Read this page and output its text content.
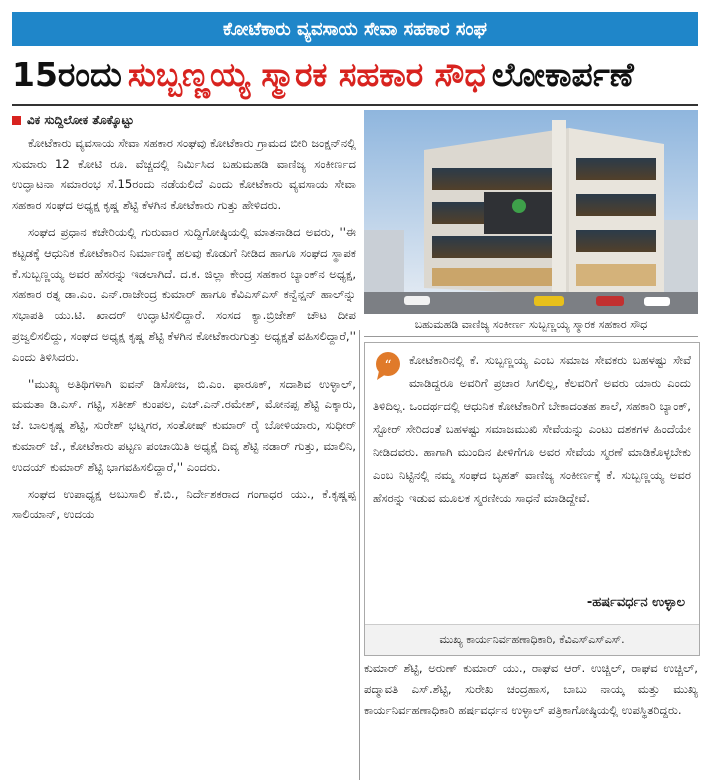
ಕೋಟೆಕಾರು ವ್ಯವಸಾಯ ಸೇವಾ ಸಹಕಾರ ಸಂಘ
15ರಂದು ಸುಬ್ಬಣ್ಣಯ್ಯ ಸ್ಮಾರಕ ಸಹಕಾರ ಸೌಧ ಲೋಕಾರ್ಪಣೆ
ವಿಕ ಸುದ್ದಿಲೋಕ ತೊಕ್ಕೊಟ್ಟು

ಕೋಟೆಕಾರು ವ್ಯವಸಾಯ ಸೇವಾ ಸಹಕಾರ ಸಂಘವು ಕೋಟೆಕಾರು ಗ್ರಾಮದ ಬೀರಿ ಜಂಕ್ಷನ್‌ನಲ್ಲಿ ಸುಮಾರು 12 ಕೋಟಿ ರೂ. ವೆಚ್ಚದಲ್ಲಿ ನಿರ್ಮಿಸಿದ ಬಹುಮಹಡಿ ವಾಣಿಜ್ಯ ಸಂಕೀರ್ಣದ ಉದ್ಘಾಟನಾ ಸಮಾರಂಭ ಸೆ.15ರಂದು ನಡೆಯಲಿದೆ ಎಂದು ಕೋಟೆಕಾರು ವ್ಯವಸಾಯ ಸೇವಾ ಸಹಕಾರ ಸಂಘದ ಅಧ್ಯಕ್ಷ ಕೃಷ್ಣ ಶೆಟ್ಟಿ ಕೆಳಗಿನ ಕೋಟೆಕಾರು ಗುತ್ತು ಹೇಳಿದರು.

ಸಂಘದ ಪ್ರಧಾನ ಕಚೇರಿಯಲ್ಲಿ ಗುರುವಾರ ಸುದ್ದಿಗೋಷ್ಠಿಯಲ್ಲಿ ಮಾತನಾಡಿದ ಅವರು, ''ಈ ಕಟ್ಟಡಕ್ಕೆ ಆಧುನಿಕ ಕೋಟೆಕಾರಿನ ನಿರ್ಮಾಣಕ್ಕೆ ಹಲವು ಕೊಡುಗೆ ನೀಡಿದ ಹಾಗೂ ಸಂಘದ ಸ್ಥಾಪಕ ಕೆ.ಸುಬ್ಬಣ್ಣಯ್ಯ ಅವರ ಹೆಸರನ್ನು ಇಡಲಾಗಿದೆ. ದ.ಕ. ಜಿಲ್ಲಾ ಕೇಂದ್ರ ಸಹಕಾರ ಬ್ಯಾಂಕ್‌ನ ಅಧ್ಯಕ್ಷ, ಸಹಕಾರ ರತ್ನ ಡಾ.ಎಂ. ಎನ್.ರಾಜೇಂದ್ರ ಕುಮಾರ್ ಹಾಗೂ ಕೆವಿಎಸ್‌ಎಸ್ ಕನ್ವೆನ್ಷನ್ ಹಾಲ್‌ನ್ನು ಸಭಾಪತಿ ಯು.ಟಿ. ಖಾದರ್ ಉದ್ಘಾಟಿಸಲಿದ್ದಾರೆ. ಸಂಸದ ಕ್ಯಾ.ಬ್ರಿಜೇಶ್ ಚೌಟ ದೀಪ ಪ್ರಜ್ವಲಿಸಲಿದ್ದು, ಸಂಘದ ಅಧ್ಯಕ್ಷ ಕೃಷ್ಣ ಶೆಟ್ಟಿ ಕೆಳಗಿನ ಕೋಟೆಕಾರುಗುತ್ತು ಅಧ್ಯಕ್ಷತೆ ವಹಿಸಲಿದ್ದಾರೆ,'' ಎಂದು ತಿಳಿಸಿದರು.

''ಮುಖ್ಯ ಅತಿಥಿಗಳಾಗಿ ಐವನ್ ಡಿಸೋಜ, ಬಿ.ಎಂ. ಫಾರೂಕ್, ಸದಾಶಿವ ಉಳ್ಳಾಲ್, ಮಮತಾ ಡಿ.ಎಸ್. ಗಟ್ಟಿ, ಸತೀಶ್ ಕುಂಪಲ, ಎಚ್.ಎನ್.ರಮೇಶ್, ಮೋನಪ್ಪ ಶೆಟ್ಟಿ ಎಕ್ಕಾರು, ಜೆ. ಬಾಲಕೃಷ್ಣ ಶೆಟ್ಟಿ, ಸುರೇಶ್ ಭಟ್ನಗರ, ಸಂತೋಷ್ ಕುಮಾರ್ ರೈ ಬೋಳಿಯಾರು, ಸುಧೀರ್ ಕುಮಾರ್ ಜೆ., ಕೋಟೆಕಾರು ಪಟ್ಟಣ ಪಂಚಾಯಿತಿ ಅಧ್ಯಕ್ಷೆ ದಿವ್ಯ ಶೆಟ್ಟಿ ನಡಾರ್ ಗುತ್ತು, ಮಾಲಿನಿ, ಉದಯ್ ಕುಮಾರ್ ಶೆಟ್ಟಿ ಭಾಗವಹಿಸಲಿದ್ದಾರೆ,'' ಎಂದರು.

ಸಂಘದ ಉಪಾಧ್ಯಕ್ಷ ಅಬುಸಾಲಿ ಕೆ.ಬಿ., ನಿರ್ದೇಶಕರಾದ ಗಂಗಾಧರ ಯು., ಕೆ.ಕೃಷ್ಣಪ್ಪ ಸಾಲಿಯಾನ್, ಉದಯ

ಬಹುಮಹಡಿ ವಾಣಿಜ್ಯ ಸಂಕೀರ್ಣ ಸುಬ್ಬಣ್ಣಯ್ಯ ಸ್ಮಾರಕ ಸಹಕಾರ ಸೌಧ
“ ಕೋಟೆಕಾರಿನಲ್ಲಿ ಕೆ. ಸುಬ್ಬಣ್ಣಯ್ಯ ಎಂಬ ಸಮಾಜ ಸೇವಕರು ಬಹಳಷ್ಟು ಸೇವೆ ಮಾಡಿದ್ದರೂ ಅವರಿಗೆ ಪ್ರಚಾರ ಸಿಗಲಿಲ್ಲ, ಕೆಲವರಿಗೆ ಅವರು ಯಾರು ಎಂದು ತಿಳಿದಿಲ್ಲ. ಒಂದರ್ಥದಲ್ಲಿ ಆಧುನಿಕ ಕೋಟೆಕಾರಿಗೆ ಬೇಕಾದಂತಹ ಶಾಲೆ, ಸಹಕಾರಿ ಬ್ಯಾಂಕ್, ಸ್ಟೋರ್ ಸೇರಿದಂತೆ ಬಹಳಷ್ಟು ಸಮಾಜಮುಖಿ ಸೇವೆಯನ್ನು ಎಂಟು ದಶಕಗಳ ಹಿಂದೆಯೇ ನೀಡಿದವರು. ಹಾಗಾಗಿ ಮುಂದಿನ ಪೀಳಿಗೆಗೂ ಅವರ ಸೇವೆಯ ಸ್ಮರಣೆ ಮಾಡಿಕೊಳ್ಳಬೇಕು ಎಂಬ ನಿಟ್ಟಿನಲ್ಲಿ ನಮ್ಮ ಸಂಘದ ಬೃಹತ್ ವಾಣಿಜ್ಯ ಸಂಕೀರ್ಣಕ್ಕೆ ಕೆ. ಸುಬ್ಬಣ್ಣಯ್ಯ ಅವರ ಹೆಸರನ್ನು ಇಡುವ ಮೂಲಕ ಸ್ಮರಣೀಯ ಸಾಧನೆ ಮಾಡಿದ್ದೇವೆ.
-ಹರ್ಷವರ್ಧನ ಉಳ್ಳಾಲ
ಮುಖ್ಯ ಕಾರ್ಯನಿರ್ವಹಣಾಧಿಕಾರಿ, ಕೆವಿಎಸ್‌ಎಸ್‌ಎಸ್.

ಕುಮಾರ್ ಶೆಟ್ಟಿ, ಅರುಣ್ ಕುಮಾರ್ ಯು., ರಾಘವ ಆರ್. ಉಚ್ಚಿಲ್, ರಾಘವ ಉಚ್ಚಿಲ್, ಪದ್ಮಾವತಿ ಎಸ್.ಶೆಟ್ಟಿ, ಸುರೇಖ ಚಂದ್ರಹಾಸ, ಬಾಬು ನಾಯ್ಕ ಮತ್ತು ಮುಖ್ಯ ಕಾರ್ಯನಿರ್ವಹಣಾಧಿಕಾರಿ ಹರ್ಷವರ್ಧನ ಉಳ್ಳಾಲ್ ಪತ್ರಿಕಾಗೋಷ್ಠಿಯಲ್ಲಿ ಉಪಸ್ಥಿತರಿದ್ದರು.
